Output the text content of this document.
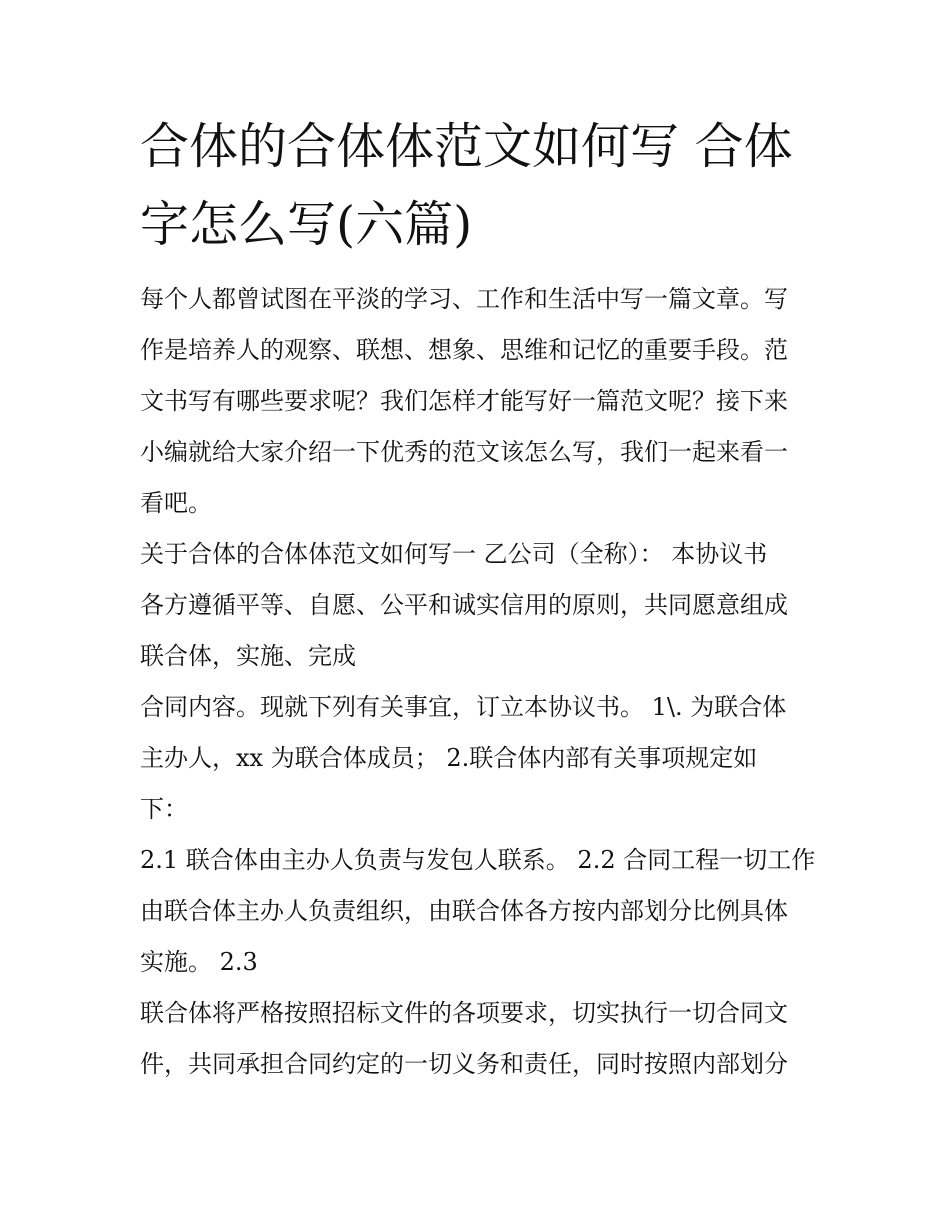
合体的合体体范文如何写 合体
字怎么写(六篇)
每个人都曾试图在平淡的学习、工作和生活中写一篇文章。写
作是培养人的观察、联想、想象、思维和记忆的重要手段。范
文书写有哪些要求呢？我们怎样才能写好一篇范文呢？接下来
小编就给大家介绍一下优秀的范文该怎么写，我们一起来看一
看吧。
关于合体的合体体范文如何写一 乙公司（全称）： 本协议书
各方遵循平等、自愿、公平和诚实信用的原则，共同愿意组成
联合体，实施、完成
合同内容。现就下列有关事宜，订立本协议书。 1\. 为联合体
主办人，xx 为联合体成员； 2.联合体内部有关事项规定如
下：
2.1 联合体由主办人负责与发包人联系。 2.2 合同工程一切工作
由联合体主办人负责组织，由联合体各方按内部划分比例具体
实施。 2.3
联合体将严格按照招标文件的各项要求，切实执行一切合同文
件，共同承担合同约定的一切义务和责任，同时按照内部划分
